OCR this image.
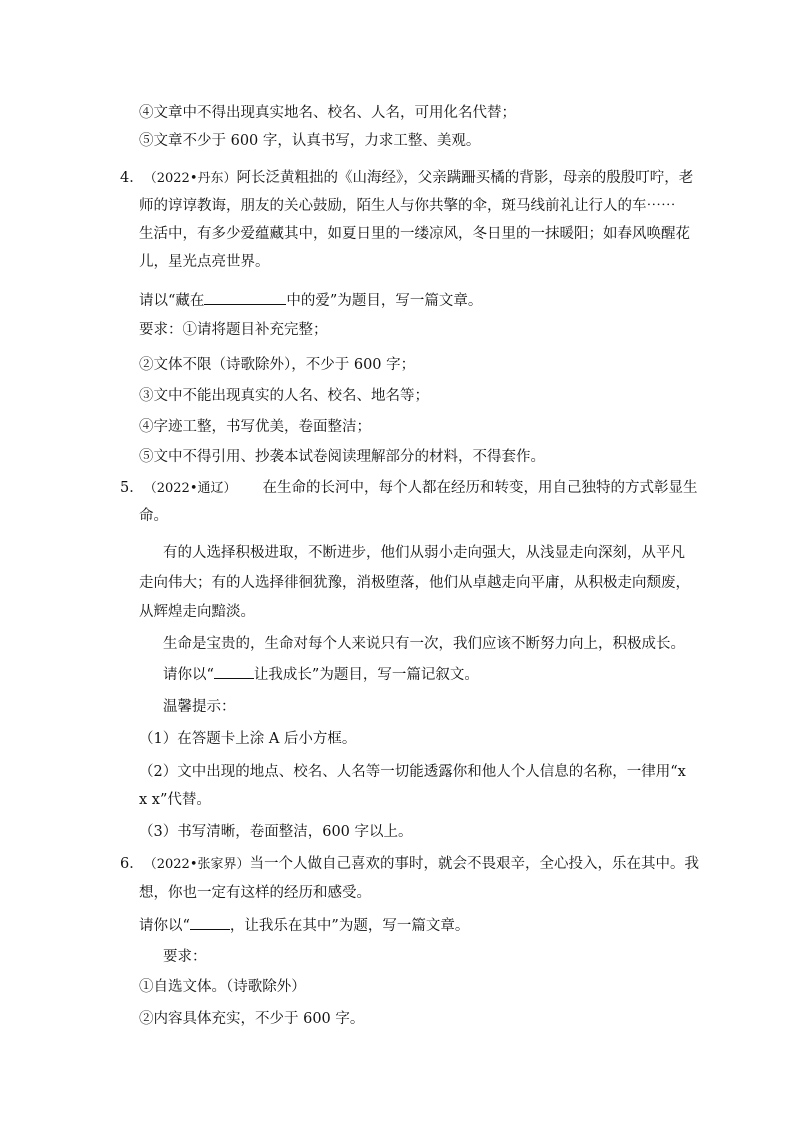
④文章中不得出现真实地名、校名、人名，可用化名代替；
⑤文章不少于 600 字，认真书写，力求工整、美观。
4．（2022•丹东）阿长泛黄粗拙的《山海经》，父亲蹒跚买橘的背影，母亲的殷殷叮咛，老
师的谆谆教诲，朋友的关心鼓励，陌生人与你共擎的伞，斑马线前礼让行人的车⋯⋯
生活中，有多少爱蕴藏其中，如夏日里的一缕凉风，冬日里的一抹暖阳；如春风唤醒花
儿，星光点亮世界。
请以“藏在	中的爱”为题目，写一篇文章。
要求：①请将题目补充完整；
②文体不限（诗歌除外），不少于 600 字；
③文中不能出现真实的人名、校名、地名等；
④字迹工整，书写优美，卷面整洁；
⑤文中不得引用、抄袭本试卷阅读理解部分的材料，不得套作。
5．（2022•通辽） 在生命的长河中，每个人都在经历和转变，用自己独特的方式彰显生
命。
有的人选择积极进取，不断进步，他们从弱小走向强大，从浅显走向深刻，从平凡
走向伟大；有的人选择徘徊犹豫，消极堕落，他们从卓越走向平庸，从积极走向颓废，
从辉煌走向黯淡。
生命是宝贵的，生命对每个人来说只有一次，我们应该不断努力向上，积极成长。
请你以“	让我成长”为题目，写一篇记叙文。
温馨提示：
（1）在答题卡上涂 A 后小方框。
（2）文中出现的地点、校名、人名等一切能透露你和他人个人信息的名称，一律用“x
x x”代替。
（3）书写清晰，卷面整洁，600 字以上。
6．（2022•张家界）当一个人做自己喜欢的事时，就会不畏艰辛，全心投入，乐在其中。我
想，你也一定有这样的经历和感受。
请你以“	，让我乐在其中”为题，写一篇文章。
要求：
①自选文体。（诗歌除外）
②内容具体充实，不少于 600 字。
